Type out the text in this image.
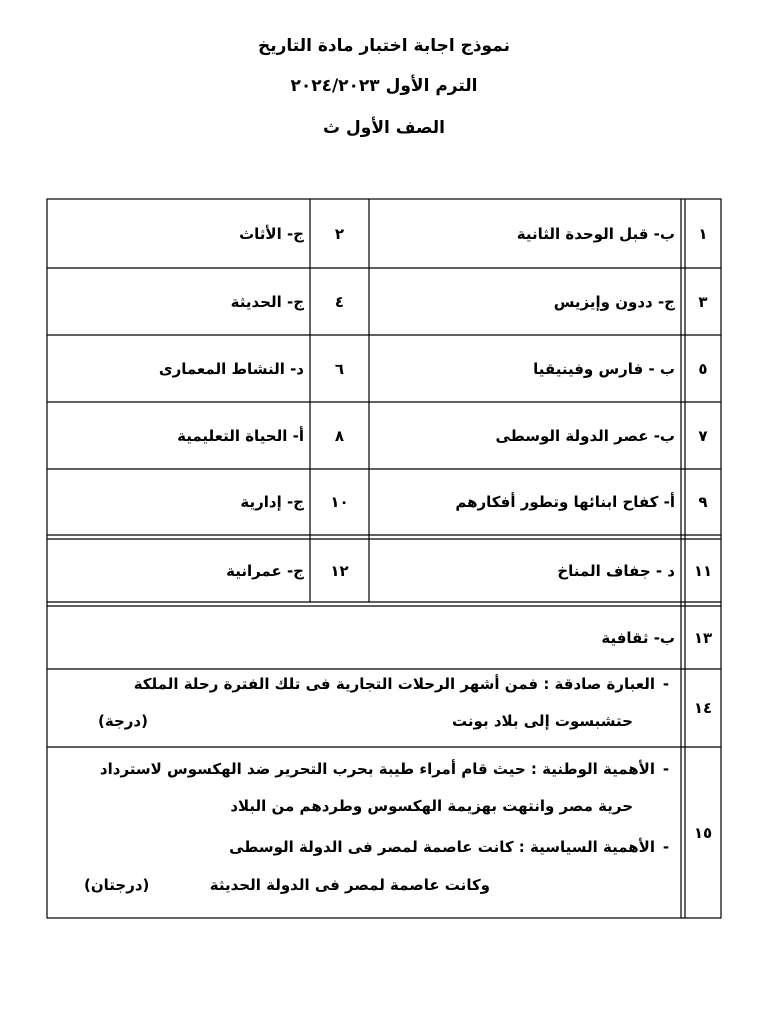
نموذج اجابة اختبار مادة التاريخ
الترم الأول ٢٠٢٤/٢٠٢٣
الصف الأول ث
١
ب- قبل الوحدة الثانية
٢
ج- الأثاث
٣
ج- ددون وإيزيس
٤
ج- الحديثة
٥
ب - فارس وفينيقيا
٦
د- النشاط المعمارى
٧
ب- عصر الدولة الوسطى
٨
أ- الحياة التعليمية
٩
أ- كفاح ابنائها وتطور أفكارهم
١٠
ج- إدارية
١١
د - جفاف المناخ
١٢
ج- عمرانية
١٣
ب- ثقافية
١٤
-العبارة صادقة : فمن أشهر الرحلات التجارية فى تلك الفترة رحلة الملكة
حتشبسوت إلى بلاد بونت
(درجة)
١٥
-الأهمية الوطنية : حيث قام أمراء طيبة بحرب التحرير ضد الهكسوس لاسترداد
حرية مصر وانتهت بهزيمة الهكسوس وطردهم من البلاد
-الأهمية السياسية : كانت عاصمة لمصر فى الدولة الوسطى
وكانت عاصمة لمصر فى الدولة الحديثة
(درجتان)
